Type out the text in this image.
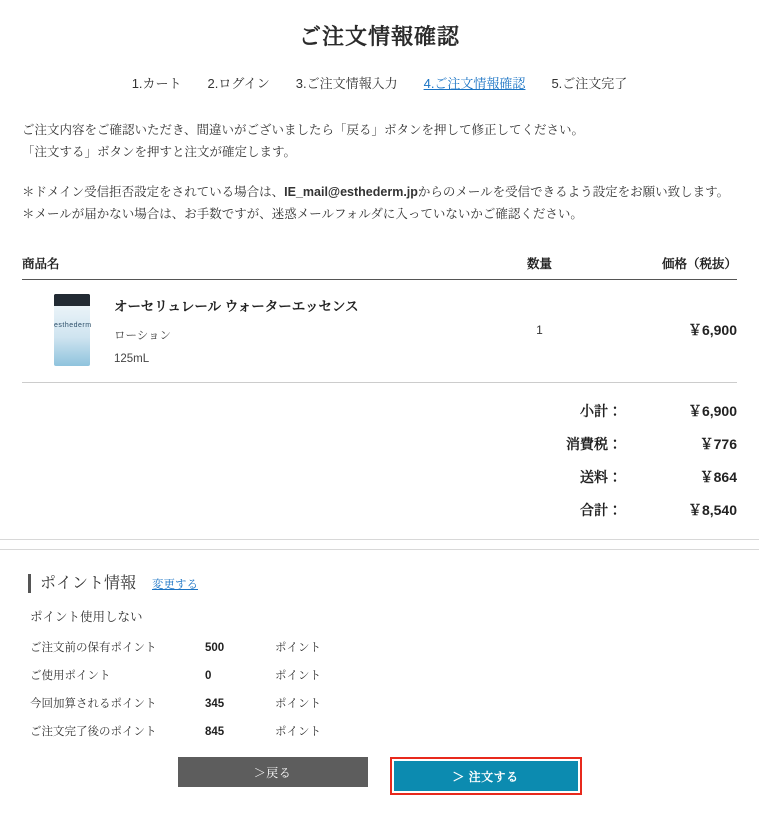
ご注文情報確認
1.カート 2.ログイン 3.ご注文情報入力 4.ご注文情報確認 5.ご注文完了
ご注文内容をご確認いただき、間違いがございましたら「戻る」ボタンを押して修正してください。
「注文する」ボタンを押すと注文が確定します。
＊ドメイン受信拒否設定をされている場合は、IE_mail@esthederm.jpからのメールを受信できるよう設定をお願い致します。
＊メールが届かない場合は、お手数ですが、迷惑メールフォルダに入っていないかご確認ください。
商品名	数量	価格（税抜）
esthederm
オーセリュレール ウォーターエッセンス
ローション
125mL
1	￥6,900
小計：	￥6,900
消費税：	￥776
送料：	￥864
合計：	￥8,540
ポイント情報 変更する
ポイント使用しない
ご注文前の保有ポイント	500	ポイント
ご使用ポイント	0	ポイント
今回加算されるポイント	345	ポイント
ご注文完了後のポイント	845	ポイント
＞戻る	＞ 注文する
